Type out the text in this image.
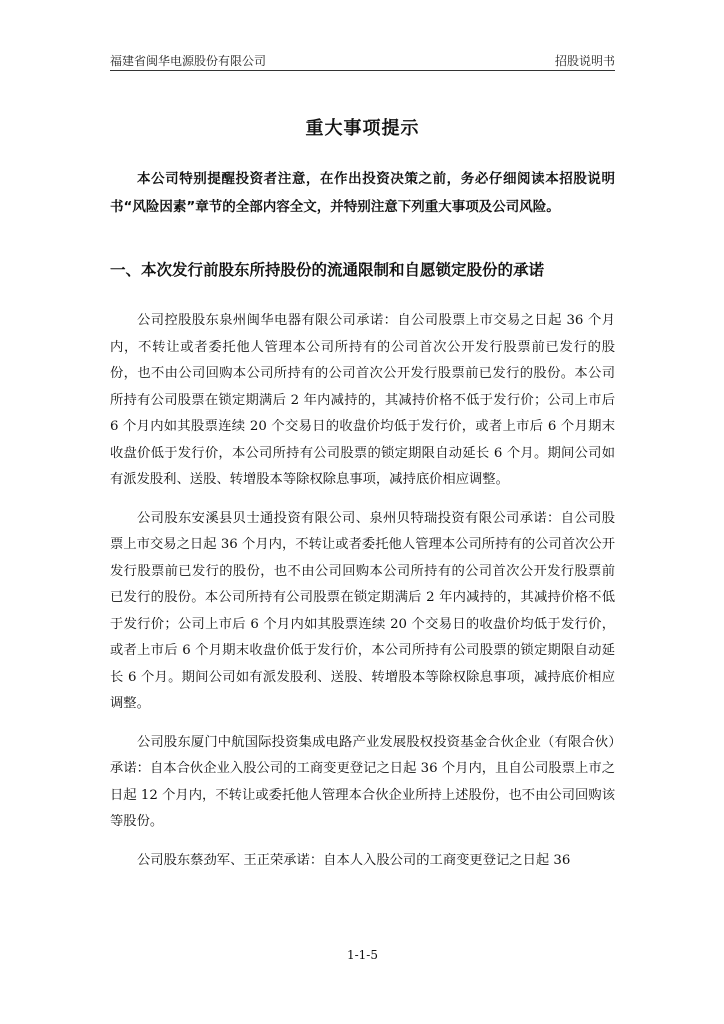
福建省闽华电源股份有限公司	招股说明书
重大事项提示

本公司特别提醒投资者注意，在作出投资决策之前，务必仔细阅读本招股说明书“风险因素”章节的全部内容全文，并特别注意下列重大事项及公司风险。

一、本次发行前股东所持股份的流通限制和自愿锁定股份的承诺

公司控股股东泉州闽华电器有限公司承诺：自公司股票上市交易之日起 36 个月内，不转让或者委托他人管理本公司所持有的公司首次公开发行股票前已发行的股份，也不由公司回购本公司所持有的公司首次公开发行股票前已发行的股份。本公司所持有公司股票在锁定期满后 2 年内减持的，其减持价格不低于发行价；公司上市后 6 个月内如其股票连续 20 个交易日的收盘价均低于发行价，或者上市后 6 个月期末收盘价低于发行价，本公司所持有公司股票的锁定期限自动延长 6 个月。期间公司如有派发股利、送股、转增股本等除权除息事项，减持底价相应调整。

公司股东安溪县贝士通投资有限公司、泉州贝特瑞投资有限公司承诺：自公司股票上市交易之日起 36 个月内，不转让或者委托他人管理本公司所持有的公司首次公开发行股票前已发行的股份，也不由公司回购本公司所持有的公司首次公开发行股票前已发行的股份。本公司所持有公司股票在锁定期满后 2 年内减持的，其减持价格不低于发行价；公司上市后 6 个月内如其股票连续 20 个交易日的收盘价均低于发行价，或者上市后 6 个月期末收盘价低于发行价，本公司所持有公司股票的锁定期限自动延长 6 个月。期间公司如有派发股利、送股、转增股本等除权除息事项，减持底价相应调整。

公司股东厦门中航国际投资集成电路产业发展股权投资基金合伙企业（有限合伙）承诺：自本合伙企业入股公司的工商变更登记之日起 36 个月内，且自公司股票上市之日起 12 个月内，不转让或委托他人管理本合伙企业所持上述股份，也不由公司回购该等股份。

公司股东蔡劲军、王正荣承诺：自本人入股公司的工商变更登记之日起 36

1-1-5
